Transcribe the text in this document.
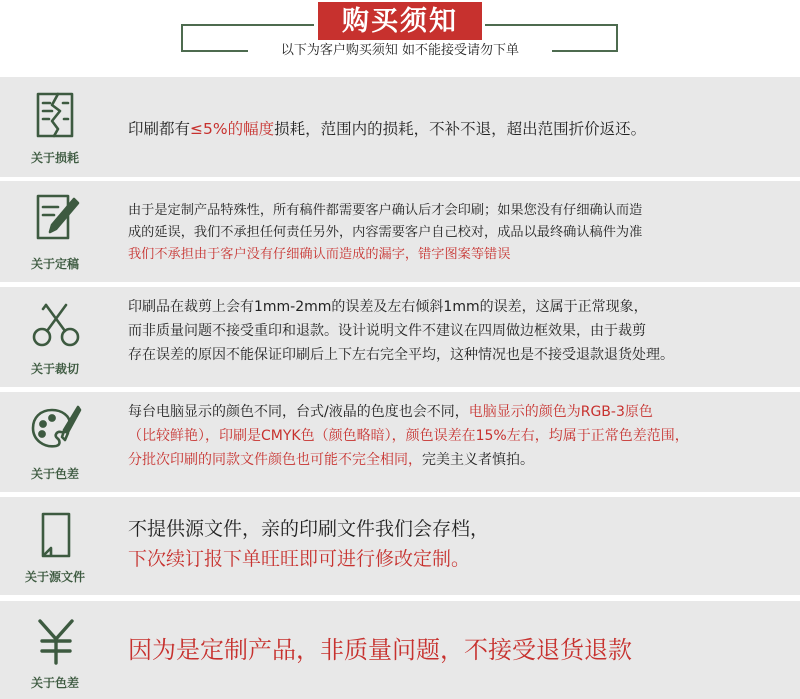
购买须知
以下为客户购买须知 如不能接受请勿下单
关于损耗
印刷都有≤5%的幅度损耗，范围内的损耗，不补不退，超出范围折价返还。
关于定稿
由于是定制产品特殊性，所有稿件都需要客户确认后才会印刷；如果您没有仔细确认而造
成的延误，我们不承担任何责任另外，内容需要客户自己校对，成品以最终确认稿件为准
我们不承担由于客户没有仔细确认而造成的漏字，错字图案等错误
关于裁切
印刷品在裁剪上会有1mm-2mm的误差及左右倾斜1mm的误差，这属于正常现象，
而非质量问题不接受重印和退款。设计说明文件不建议在四周做边框效果，由于裁剪
存在误差的原因不能保证印刷后上下左右完全平均，这种情况也是不接受退款退货处理。
关于色差
每台电脑显示的颜色不同，台式/液晶的色度也会不同，电脑显示的颜色为RGB-3原色
（比较鲜艳），印刷是CMYK色（颜色略暗），颜色误差在15%左右，均属于正常色差范围，
分批次印刷的同款文件颜色也可能不完全相同，完美主义者慎拍。
关于源文件
不提供源文件，亲的印刷文件我们会存档，
下次续订报下单旺旺即可进行修改定制。
关于色差
因为是定制产品，非质量问题，不接受退货退款
